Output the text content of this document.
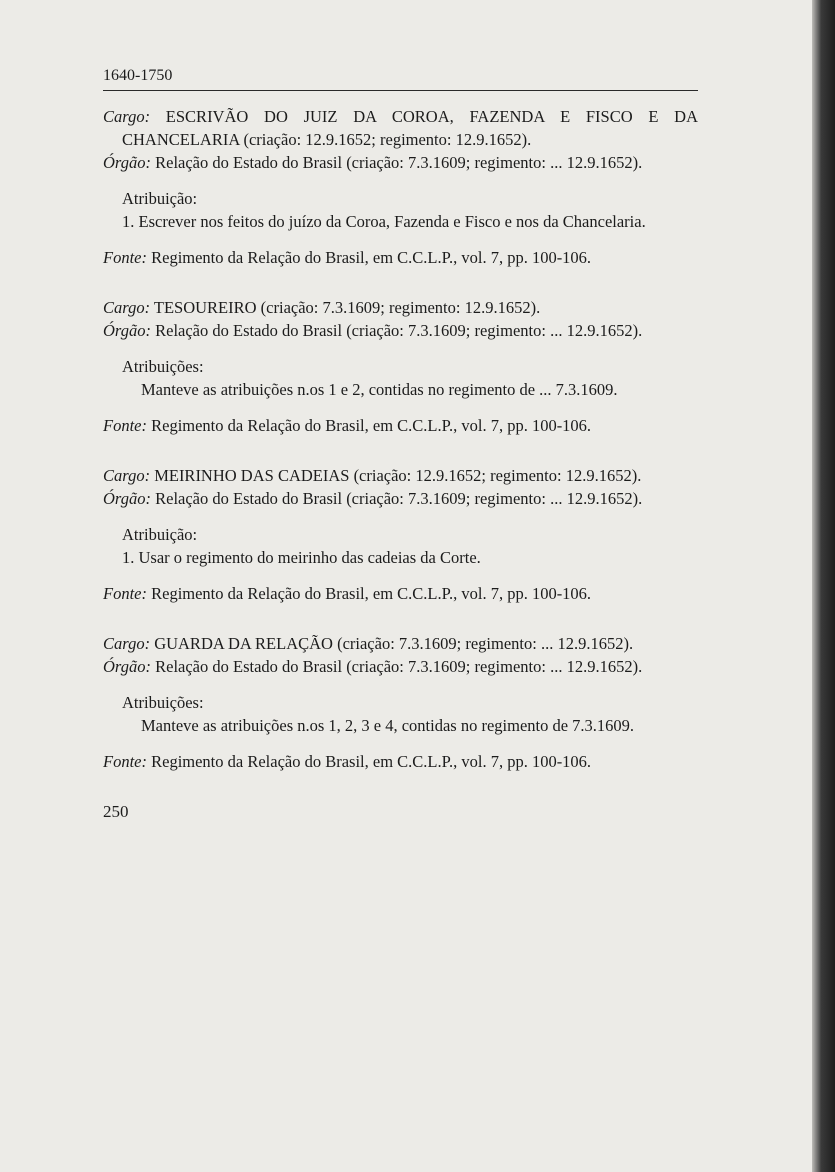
1640-1750
Cargo: ESCRIVÃO DO JUIZ DA COROA, FAZENDA E FISCO E DA CHANCELARIA (criação: 12.9.1652; regimento: 12.9.1652).
Órgão: Relação do Estado do Brasil (criação: 7.3.1609; regimento: ... 12.9.1652).
Atribuição:
1. Escrever nos feitos do juízo da Coroa, Fazenda e Fisco e nos da Chancelaria.
Fonte: Regimento da Relação do Brasil, em C.C.L.P., vol. 7, pp. 100-106.
Cargo: TESOUREIRO (criação: 7.3.1609; regimento: 12.9.1652).
Órgão: Relação do Estado do Brasil (criação: 7.3.1609; regimento: ... 12.9.1652).
Atribuições:
Manteve as atribuições n.os 1 e 2, contidas no regimento de ... 7.3.1609.
Fonte: Regimento da Relação do Brasil, em C.C.L.P., vol. 7, pp. 100-106.
Cargo: MEIRINHO DAS CADEIAS (criação: 12.9.1652; regimento: 12.9.1652).
Órgão: Relação do Estado do Brasil (criação: 7.3.1609; regimento: ... 12.9.1652).
Atribuição:
1. Usar o regimento do meirinho das cadeias da Corte.
Fonte: Regimento da Relação do Brasil, em C.C.L.P., vol. 7, pp. 100-106.
Cargo: GUARDA DA RELAÇÃO (criação: 7.3.1609; regimento: ... 12.9.1652).
Órgão: Relação do Estado do Brasil (criação: 7.3.1609; regimento: ... 12.9.1652).
Atribuições:
Manteve as atribuições n.os 1, 2, 3 e 4, contidas no regimento de 7.3.1609.
Fonte: Regimento da Relação do Brasil, em C.C.L.P., vol. 7, pp. 100-106.
250
